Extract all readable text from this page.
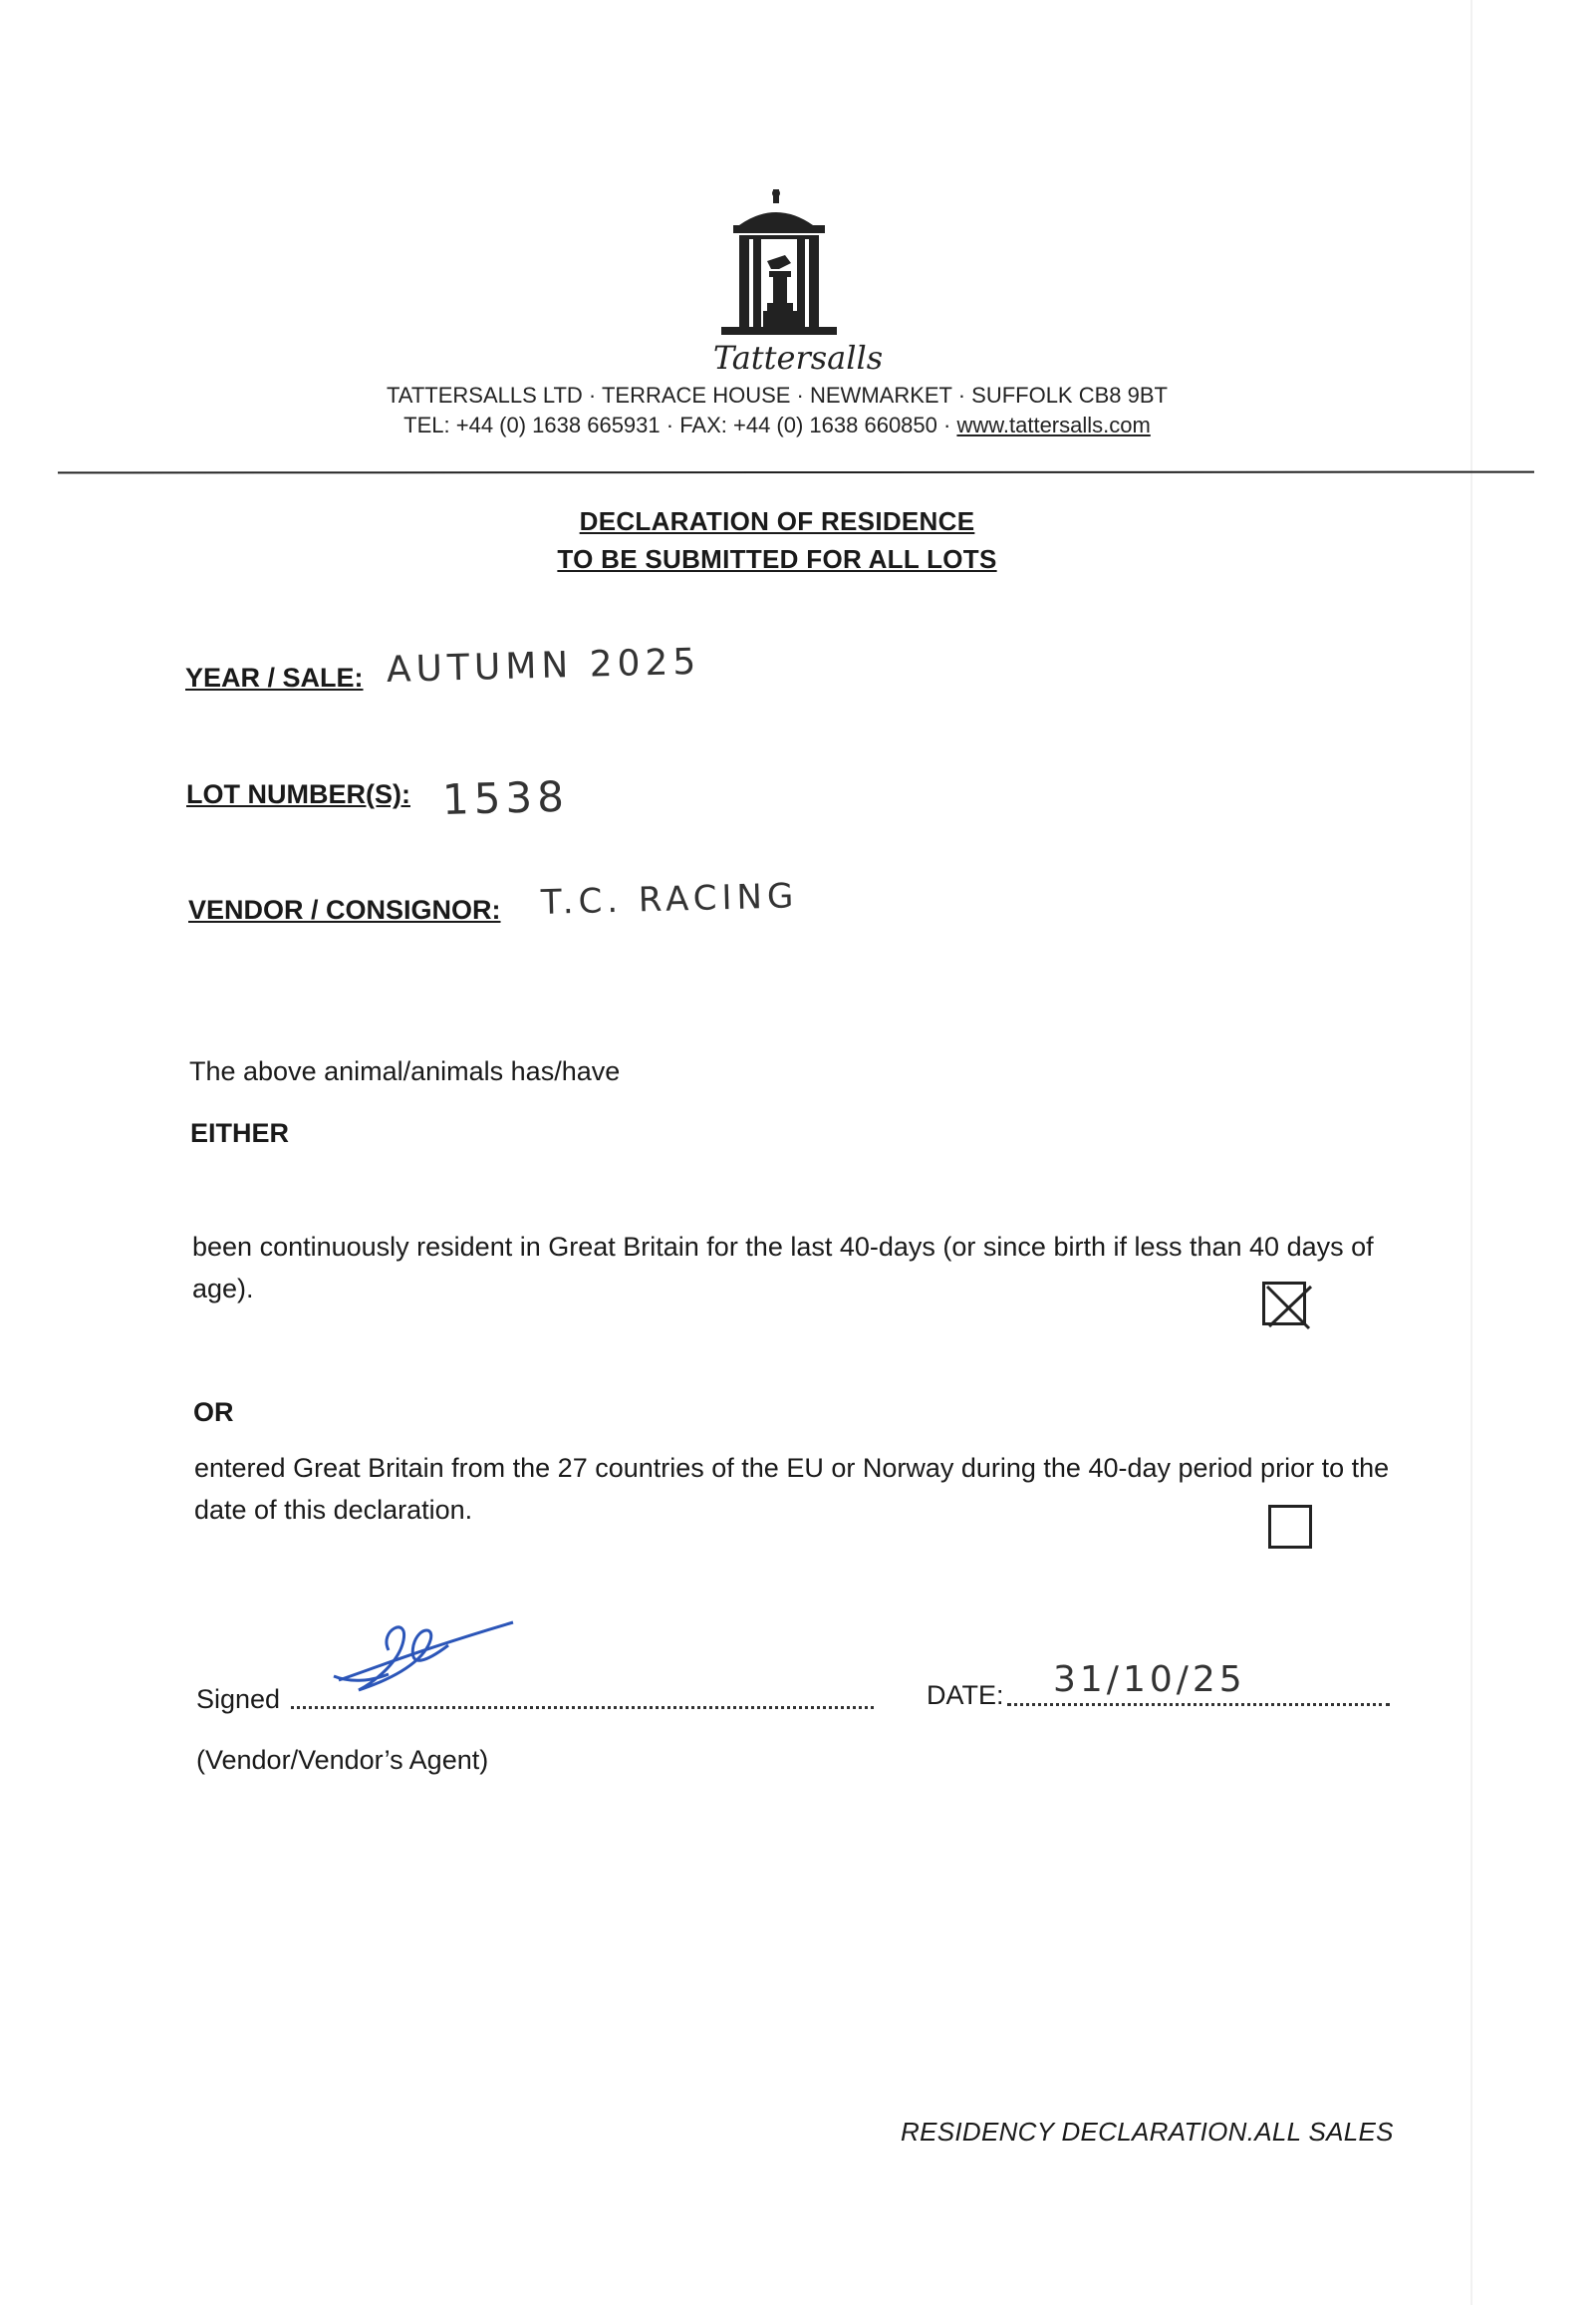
Tattersalls
TATTERSALLS LTD · TERRACE HOUSE · NEWMARKET · SUFFOLK CB8 9BT
TEL: +44 (0) 1638 665931 · FAX: +44 (0) 1638 660850 · www.tattersalls.com
DECLARATION OF RESIDENCE
TO BE SUBMITTED FOR ALL LOTS
YEAR / SALE: AUTUMN 2025
LOT NUMBER(S): 1538
VENDOR / CONSIGNOR: T.C. RACING
The above animal/animals has/have
EITHER
been continuously resident in Great Britain for the last 40-days (or since birth if less than 40 days of age).
OR
entered Great Britain from the 27 countries of the EU or Norway during the 40-day period prior to the date of this declaration.
Signed
(Vendor/Vendor’s Agent)
DATE: 31/10/25
RESIDENCY DECLARATION.ALL SALES
